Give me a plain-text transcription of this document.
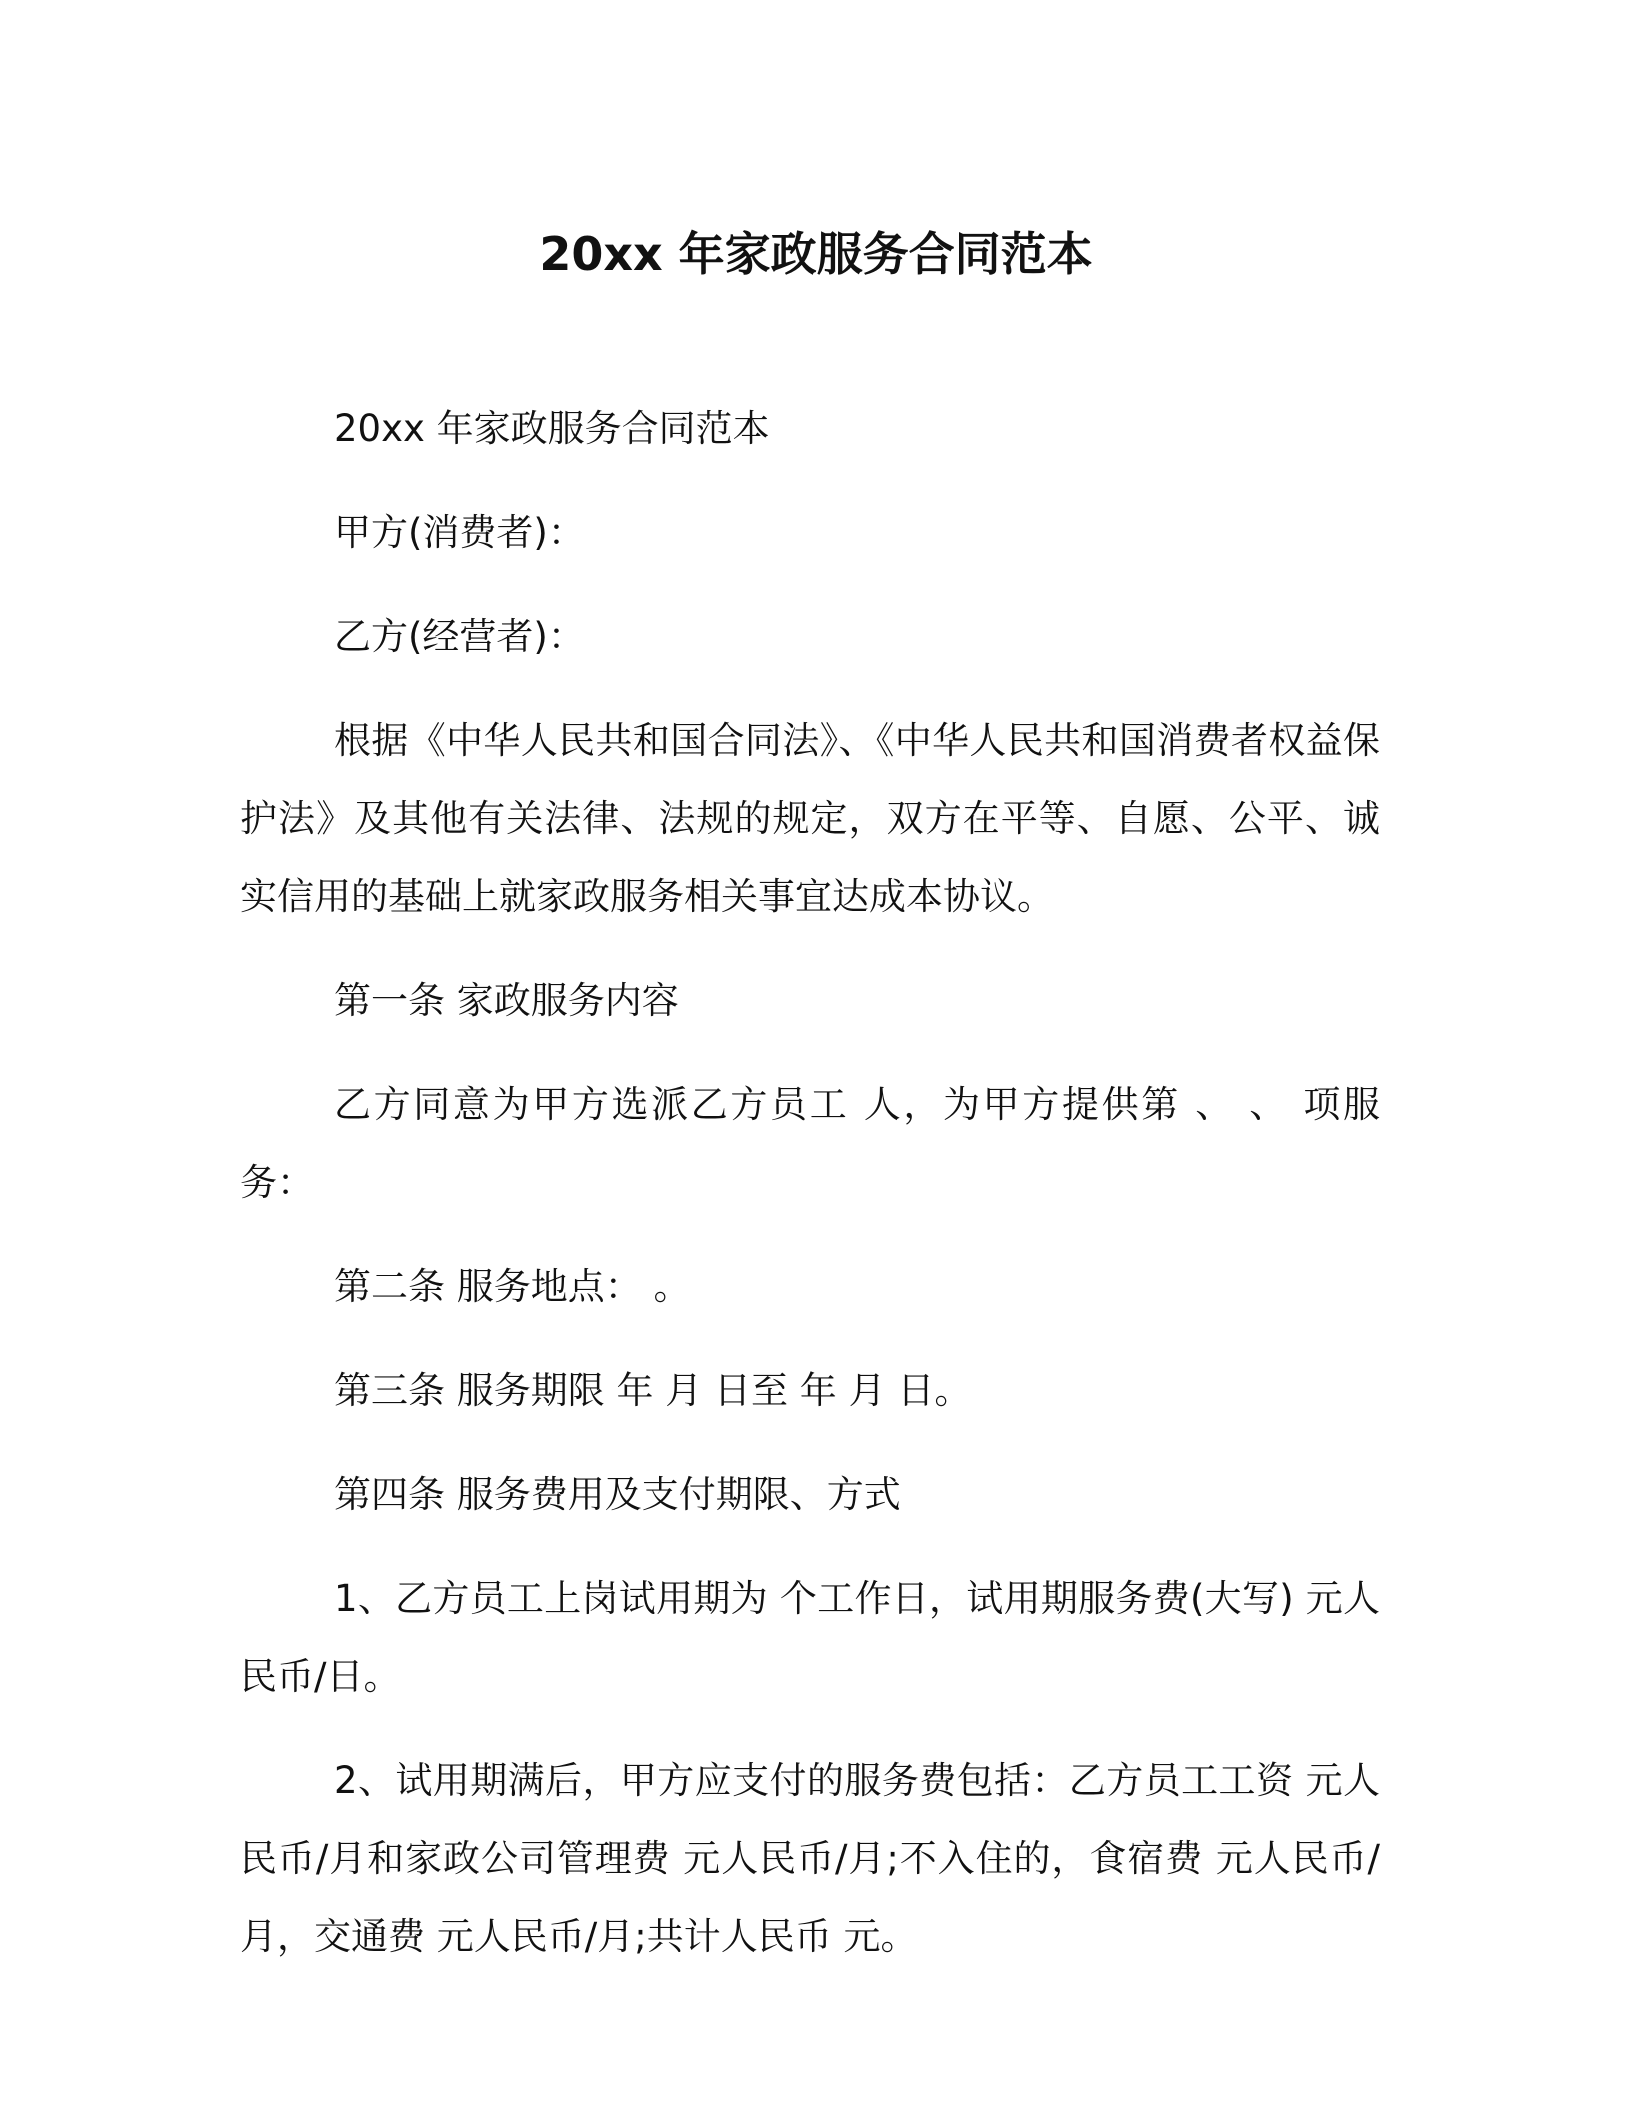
20xx 年家政服务合同范本

20xx 年家政服务合同范本

甲方(消费者)：

乙方(经营者)：

根据《中华人民共和国合同法》、《中华人民共和国消费者权益保护法》及其他有关法律、法规的规定，双方在平等、自愿、公平、诚实信用的基础上就家政服务相关事宜达成本协议。

第一条 家政服务内容

乙方同意为甲方选派乙方员工 人，为甲方提供第 、 、 项服务：

第二条 服务地点： 。

第三条 服务期限 年 月 日至 年 月 日。

第四条 服务费用及支付期限、方式

1、乙方员工上岗试用期为 个工作日，试用期服务费(大写) 元人民币/日。

2、试用期满后，甲方应支付的服务费包括：乙方员工工资 元人民币/月和家政公司管理费 元人民币/月;不入住的，食宿费 元人民币/月，交通费 元人民币/月;共计人民币 元。
